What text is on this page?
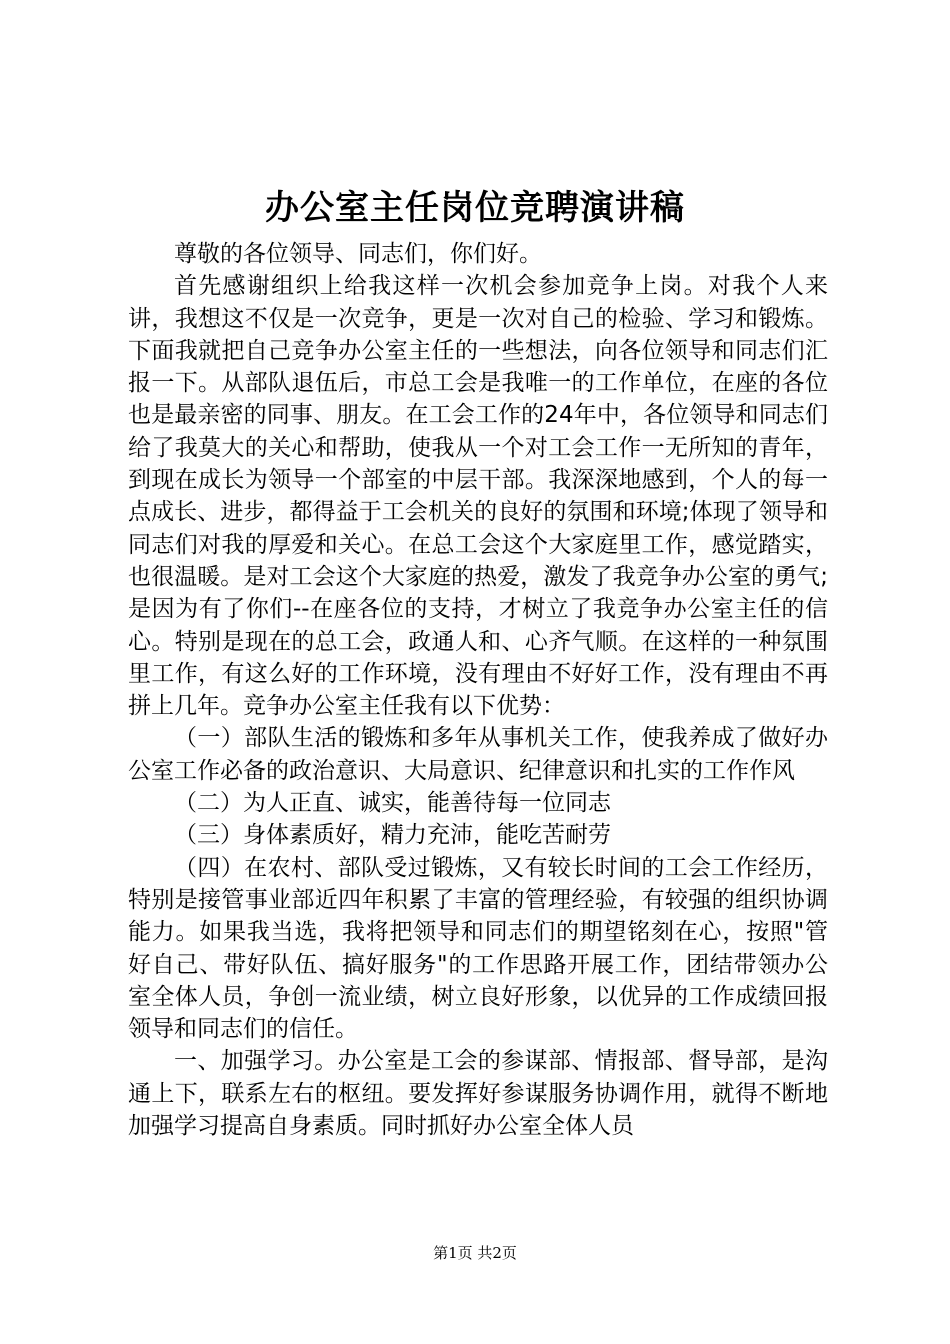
办公室主任岗位竞聘演讲稿

尊敬的各位领导、同志们，你们好。

首先感谢组织上给我这样一次机会参加竞争上岗。对我个人来讲，我想这不仅是一次竞争，更是一次对自己的检验、学习和锻炼。下面我就把自己竞争办公室主任的一些想法，向各位领导和同志们汇报一下。从部队退伍后，市总工会是我唯一的工作单位，在座的各位也是最亲密的同事、朋友。在工会工作的24年中，各位领导和同志们给了我莫大的关心和帮助，使我从一个对工会工作一无所知的青年，到现在成长为领导一个部室的中层干部。我深深地感到，个人的每一点成长、进步，都得益于工会机关的良好的氛围和环境;体现了领导和同志们对我的厚爱和关心。在总工会这个大家庭里工作，感觉踏实，也很温暖。是对工会这个大家庭的热爱，激发了我竞争办公室的勇气;是因为有了你们--在座各位的支持，才树立了我竞争办公室主任的信心。特别是现在的总工会，政通人和、心齐气顺。在这样的一种氛围里工作，有这么好的工作环境，没有理由不好好工作，没有理由不再拼上几年。竞争办公室主任我有以下优势：

（一）部队生活的锻炼和多年从事机关工作，使我养成了做好办公室工作必备的政治意识、大局意识、纪律意识和扎实的工作作风

（二）为人正直、诚实，能善待每一位同志

（三）身体素质好，精力充沛，能吃苦耐劳

（四）在农村、部队受过锻炼，又有较长时间的工会工作经历，特别是接管事业部近四年积累了丰富的管理经验，有较强的组织协调能力。如果我当选，我将把领导和同志们的期望铭刻在心，按照"管好自己、带好队伍、搞好服务"的工作思路开展工作，团结带领办公室全体人员，争创一流业绩，树立良好形象，以优异的工作成绩回报领导和同志们的信任。

一、加强学习。办公室是工会的参谋部、情报部、督导部，是沟通上下，联系左右的枢纽。要发挥好参谋服务协调作用，就得不断地加强学习提高自身素质。同时抓好办公室全体人员

第1页 共2页
